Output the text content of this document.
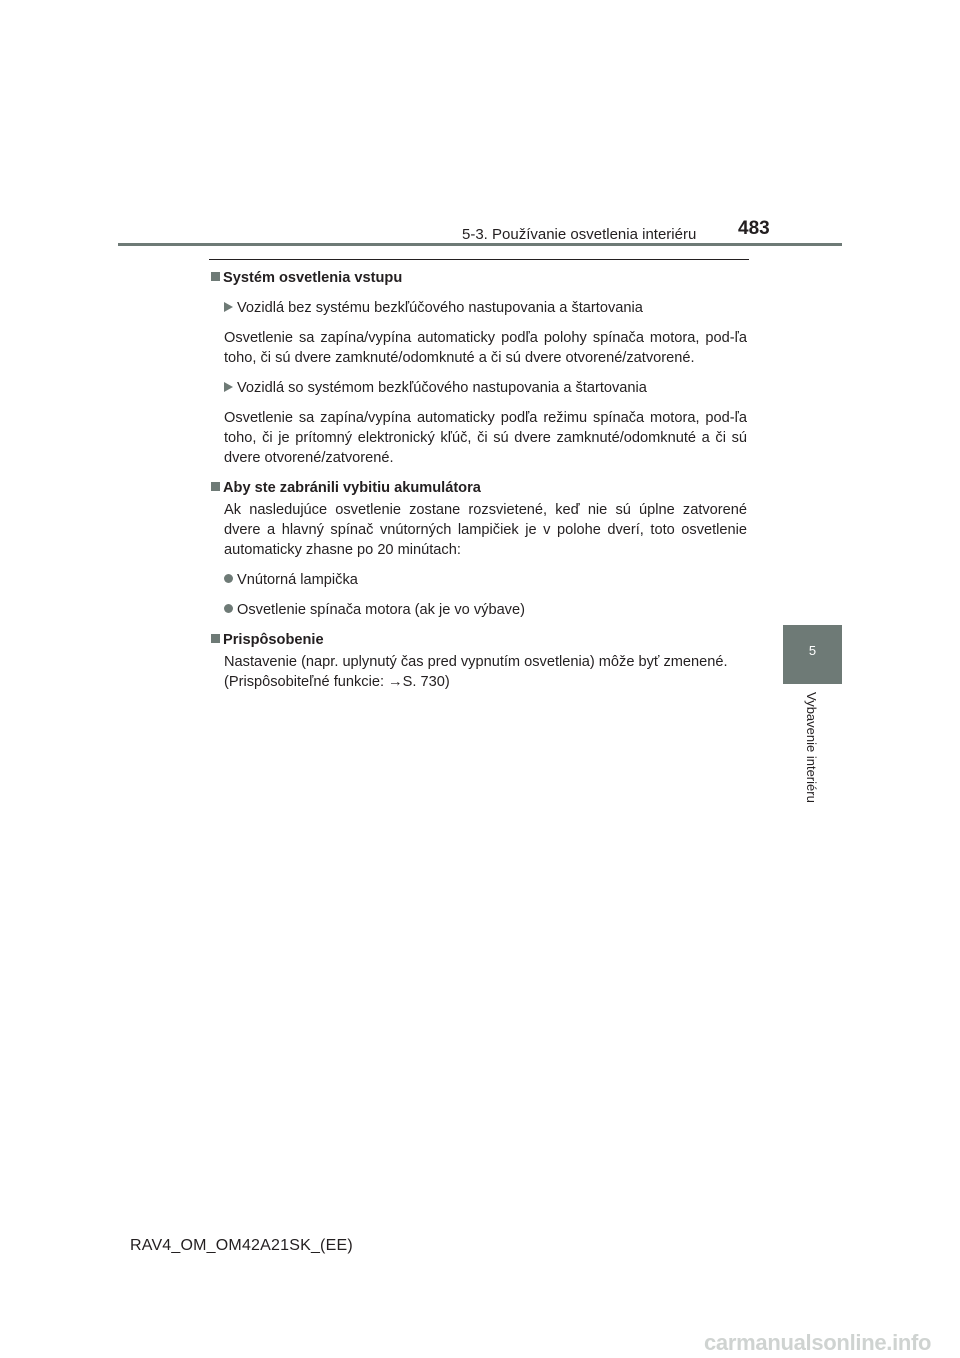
5-3. Používanie osvetlenia interiéru 483
5
Vybavenie interiéru
Systém osvetlenia vstupu
Vozidlá bez systému bezkľúčového nastupovania a štartovania
Osvetlenie sa zapína/vypína automaticky podľa polohy spínača motora, pod-ľa toho, či sú dvere zamknuté/odomknuté a či sú dvere otvorené/zatvorené.
Vozidlá so systémom bezkľúčového nastupovania a štartovania
Osvetlenie sa zapína/vypína automaticky podľa režimu spínača motora, pod-ľa toho, či je prítomný elektronický kľúč, či sú dvere zamknuté/odomknuté a či sú dvere otvorené/zatvorené.
Aby ste zabránili vybitiu akumulátora
Ak nasledujúce osvetlenie zostane rozsvietené, keď nie sú úplne zatvorené dvere a hlavný spínač vnútorných lampičiek je v polohe dverí, toto osvetlenie automaticky zhasne po 20 minútach:
Vnútorná lampička
Osvetlenie spínača motora (ak je vo výbave)
Prispôsobenie
Nastavenie (napr. uplynutý čas pred vypnutím osvetlenia) môže byť zmenené.
(Prispôsobiteľné funkcie: →S. 730)
RAV4_OM_OM42A21SK_(EE)
carmanualsonline.info
